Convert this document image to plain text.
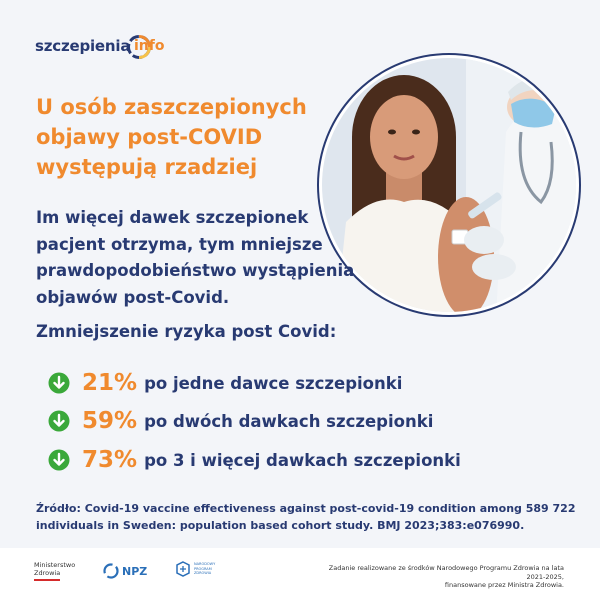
szczepienia info
U osób zaszczepionych
objawy post-COVID
występują rzadziej
Im więcej dawek szczepionek
pacjent otrzyma, tym mniejsze
prawdopodobieństwo wystąpienia
objawów post-Covid.
Zmniejszenie ryzyka post Covid:
21% po jedne dawce szczepionki
59% po dwóch dawkach szczepionki
73% po 3 i więcej dawkach szczepionki
Źródło: Covid-19 vaccine effectiveness against post-covid-19 condition among 589 722
individuals in Sweden: population based cohort study. BMJ 2023;383:e076990.
Ministerstwo
Zdrowia	NPZ
NARODOWY
PROGRAM
ZDROWIA
Zadanie realizowane ze środków Narodowego Programu Zdrowia na lata 2021-2025,
finansowane przez Ministra Zdrowia.
